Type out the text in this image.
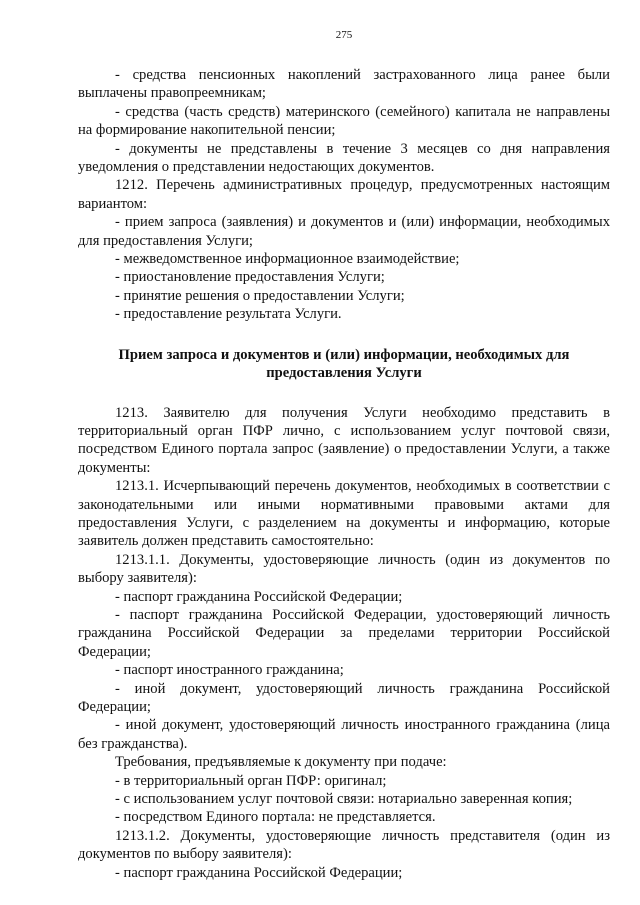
275

- средства пенсионных накоплений застрахованного лица ранее были выплачены правопреемникам;

- средства (часть средств) материнского (семейного) капитала не направлены на формирование накопительной пенсии;

- документы не представлены в течение 3 месяцев со дня направления уведомления о представлении недостающих документов.

1212. Перечень административных процедур, предусмотренных настоящим вариантом:

- прием запроса (заявления) и документов и (или) информации, необходимых для предоставления Услуги;

- межведомственное информационное взаимодействие;

- приостановление предоставления Услуги;

- принятие решения о предоставлении Услуги;

- предоставление результата Услуги.

Прием запроса и документов и (или) информации, необходимых для предоставления Услуги

1213. Заявителю для получения Услуги необходимо представить в территориальный орган ПФР лично, с использованием услуг почтовой связи, посредством Единого портала запрос (заявление) о предоставлении Услуги, а также документы:

1213.1. Исчерпывающий перечень документов, необходимых в соответствии с законодательными или иными нормативными правовыми актами для предоставления Услуги, с разделением на документы и информацию, которые заявитель должен представить самостоятельно:

1213.1.1. Документы, удостоверяющие личность (один из документов по выбору заявителя):

- паспорт гражданина Российской Федерации;

- паспорт гражданина Российской Федерации, удостоверяющий личность гражданина Российской Федерации за пределами территории Российской Федерации;

- паспорт иностранного гражданина;

- иной документ, удостоверяющий личность гражданина Российской Федерации;

- иной документ, удостоверяющий личность иностранного гражданина (лица без гражданства).

Требования, предъявляемые к документу при подаче:

- в территориальный орган ПФР: оригинал;

- с использованием услуг почтовой связи: нотариально заверенная копия;

- посредством Единого портала: не представляется.

1213.1.2. Документы, удостоверяющие личность представителя (один из документов по выбору заявителя):

- паспорт гражданина Российской Федерации;
